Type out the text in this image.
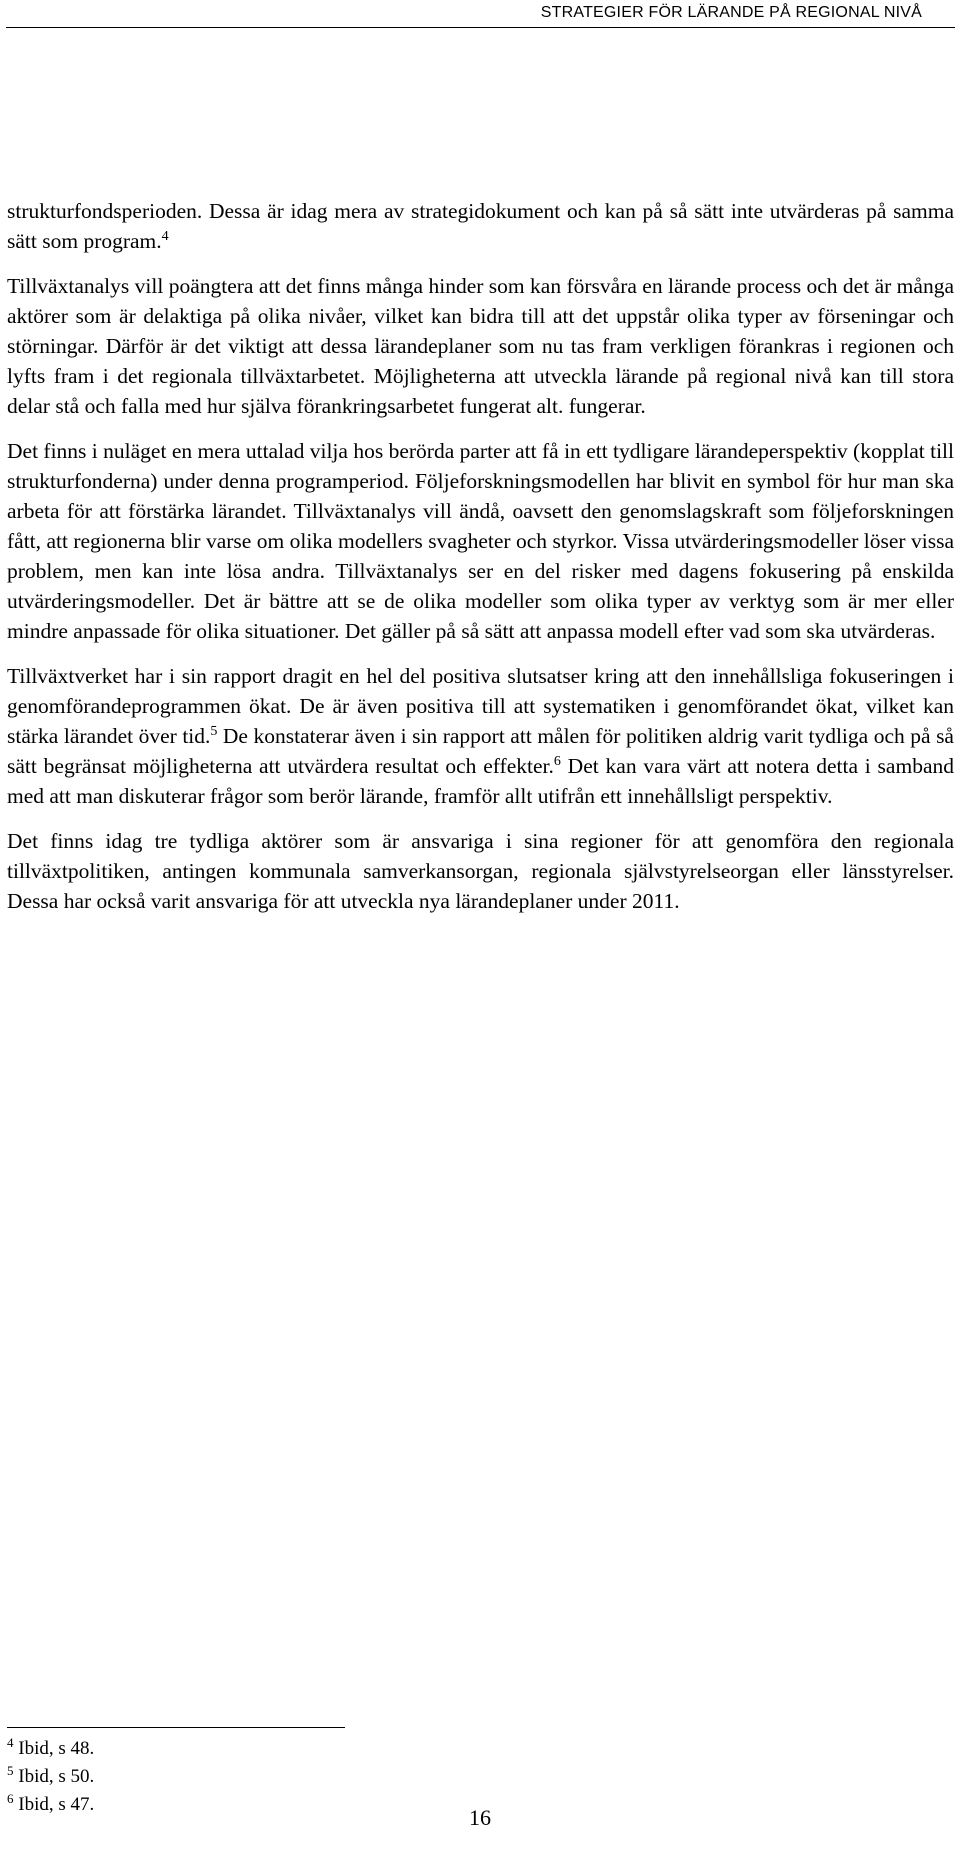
STRATEGIER FÖR LÄRANDE PÅ REGIONAL NIVÅ

strukturfondsperioden. Dessa är idag mera av strategidokument och kan på så sätt inte utvärderas på samma sätt som program.$^4$

Tillväxtanalys vill poängtera att det finns många hinder som kan försvåra en lärande process och det är många aktörer som är delaktiga på olika nivåer, vilket kan bidra till att det uppstår olika typer av förseningar och störningar. Därför är det viktigt att dessa lärandeplaner som nu tas fram verkligen förankras i regionen och lyfts fram i det regionala tillväxtarbetet. Möjligheterna att utveckla lärande på regional nivå kan till stora delar stå och falla med hur själva förankringsarbetet fungerat alt. fungerar.

Det finns i nuläget en mera uttalad vilja hos berörda parter att få in ett tydligare lärandeperspektiv (kopplat till strukturfonderna) under denna programperiod. Följeforskningsmodellen har blivit en symbol för hur man ska arbeta för att förstärka lärandet. Tillväxtanalys vill ändå, oavsett den genomslagskraft som följeforskningen fått, att regionerna blir varse om olika modellers svagheter och styrkor. Vissa utvärderingsmodeller löser vissa problem, men kan inte lösa andra. Tillväxtanalys ser en del risker med dagens fokusering på enskilda utvärderingsmodeller. Det är bättre att se de olika modeller som olika typer av verktyg som är mer eller mindre anpassade för olika situationer. Det gäller på så sätt att anpassa modell efter vad som ska utvärderas.

Tillväxtverket har i sin rapport dragit en hel del positiva slutsatser kring att den innehållsliga fokuseringen i genomförandeprogrammen ökat. De är även positiva till att systematiken i genomförandet ökat, vilket kan stärka lärandet över tid.$^5$ De konstaterar även i sin rapport att målen för politiken aldrig varit tydliga och på så sätt begränsat möjligheterna att utvärdera resultat och effekter.$^6$ Det kan vara värt att notera detta i samband med att man diskuterar frågor som berör lärande, framför allt utifrån ett innehållsligt perspektiv.

Det finns idag tre tydliga aktörer som är ansvariga i sina regioner för att genomföra den regionala tillväxtpolitiken, antingen kommunala samverkansorgan, regionala självstyrelseorgan eller länsstyrelser. Dessa har också varit ansvariga för att utveckla nya lärandeplaner under 2011.

$^4$ Ibid, s 48.
$^5$ Ibid, s 50.
$^6$ Ibid, s 47.
16
